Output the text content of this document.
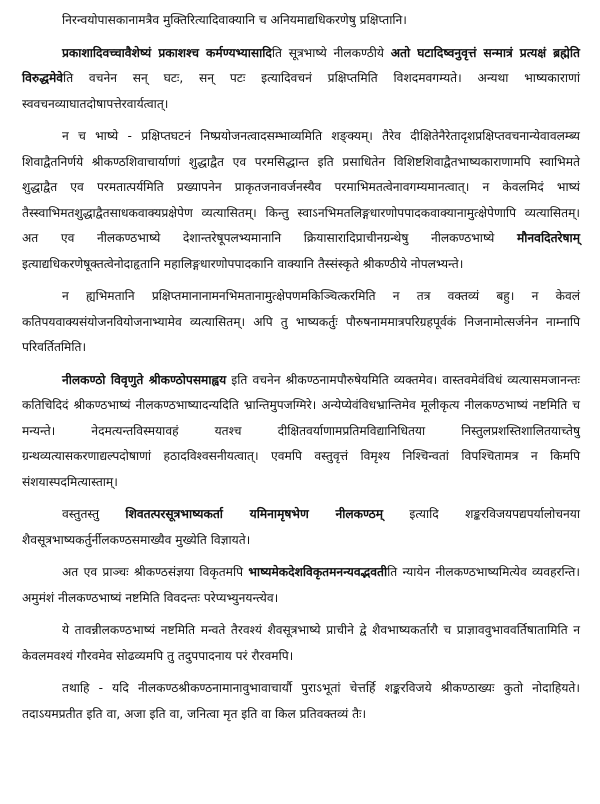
निरन्वयोपासकानामत्रैव मुक्तिरित्यादिवाक्यानि च अनियमाद्यधिकरणेषु प्रक्षिप्तानि।

प्रकाशादिवच्चावैशेष्यं प्रकाशश्च कर्मण्यभ्यासादिति सूत्रभाष्ये नीलकण्ठीये अतो घटादिष्वनुवृत्तं सन्मात्रं प्रत्यक्षं ब्रह्मेति विरुद्धमेवेति वचनेन सन् घटः, सन् पटः इत्यादिवचनं प्रक्षिप्तमिति विशदमवगम्यते। अन्यथा भाष्यकाराणां स्ववचनव्याघातदोषापत्तेरवार्यत्वात्।

न च भाष्ये - प्रक्षिप्तघटनं निष्प्रयोजनत्वादसम्भाव्यमिति शङ्क्यम्। तैरेव दीक्षितेनैरेतादृशप्रक्षिप्तवचनान्येवावलम्ब्य शिवाद्वैतनिर्णये श्रीकण्ठशिवाचार्याणां शुद्धाद्वैत एव परमसिद्धान्त इति प्रसाधितेन विशिष्टशिवाद्वैतभाष्यकाराणामपि स्वाभिमते शुद्धाद्वैत एव परमतात्पर्यमिति प्रख्यापनेन प्राकृतजनावर्जनस्यैव परमाभिमतत्वेनावगम्यमानत्वात्। न केवलमिदं भाष्यं तैस्स्वाभिमतशुद्धाद्वैतसाधकवाक्यप्रक्षेपेण व्यत्यासितम्। किन्तु स्वाऽनभिमतलिङ्गधारणोपपादकवाक्यानामुत्क्षेपेणापि व्यत्यासितम्। अत एव नीलकण्ठभाष्ये देशान्तरेषूपलभ्यमानानि क्रियासारादिप्राचीनग्रन्थेषु नीलकण्ठभाष्ये मौनवदितरेषाम् इत्याद्यधिकरणेषूक्तत्वेनोदाहृतानि महालिङ्गधारणोपपादकानि वाक्यानि तैस्संस्कृते श्रीकण्ठीये नोपलभ्यन्ते।

न ह्यभिमतानि प्रक्षिप्तमानानामनभिमतानामुत्क्षेपणमकिञ्चित्करमिति न तत्र वक्तव्यं बहु। न केवलं कतिपयवाक्यसंयोजनवियोजनाभ्यामेव व्यत्यासितम्। अपि तु भाष्यकर्तुः पौरुषनाममात्रपरिग्रहपूर्वकं निजनामोत्सर्जनेन नाम्नापि परिवर्तितमिति।

नीलकण्ठो विवृणुते श्रीकण्ठोपसमाह्वय इति वचनेन श्रीकण्ठनामपौरुषेयमिति व्यक्तमेव। वास्तवमेवंविधं व्यत्यासमजानन्तः कतिचिदिदं श्रीकण्ठभाष्यं नीलकण्ठभाष्यादन्यदिति भ्रान्तिमुपजग्मिरे। अन्येप्येवंविधभ्रान्तिमेव मूलीकृत्य नीलकण्ठभाष्यं नष्टमिति च मन्यन्ते। नेदमत्यन्तविस्मयावहं यतश्च दीक्षितवर्याणामप्रतिमविद्यानिधितया निस्तुलप्रशस्तिशालितयाच्तेषु ग्रन्थव्यत्यासकरणाद्यल्पदोषाणां हठादविश्वसनीयत्वात्। एवमपि वस्तुवृत्तं विमृश्य निश्चिन्वतां विपश्चितामत्र न किमपि संशयास्पदमित्यास्ताम्।

वस्तुतस्तु शिवतत्परसूत्रभाष्यकर्ता यमिनामृषभेण नीलकण्ठम् इत्यादि शङ्करविजयपद्यपर्यालोचनया शैवसूत्रभाष्यकर्तुर्नीलकण्ठसमाख्यैव मुख्येति विज्ञायते।

अत एव प्राञ्चः श्रीकण्ठसंज्ञया विकृतमपि भाष्यमेकदेशविकृतमनन्यवद्भवतीति न्यायेन नीलकण्ठभाष्यमित्येव व्यवहरन्ति। अमुमंशं नीलकण्ठभाष्यं नष्टमिति विवदन्तः परेप्यभ्युनयन्त्येव।

ये तावन्नीलकण्ठभाष्यं नष्टमिति मन्वते तैरवश्यं शैवसूत्रभाष्ये प्राचीने द्वे शैवभाष्यकर्तारौ च प्राज्ञाववुभाववर्तिषातामिति न केवलमवश्यं गौरवमेव सोढव्यमपि तु तदुपपादनाय परं रौरवमपि।

तथाहि - यदि नीलकण्ठश्रीकण्ठनामानावुभावाचार्यौ पुराऽभूतां चेत्तर्हि शङ्करविजये श्रीकण्ठाख्यः कुतो नोदाहियते। तदाऽयमप्रतीत इति वा, अजा इति वा, जनित्वा मृत इति वा किल प्रतिवक्तव्यं तैः।
